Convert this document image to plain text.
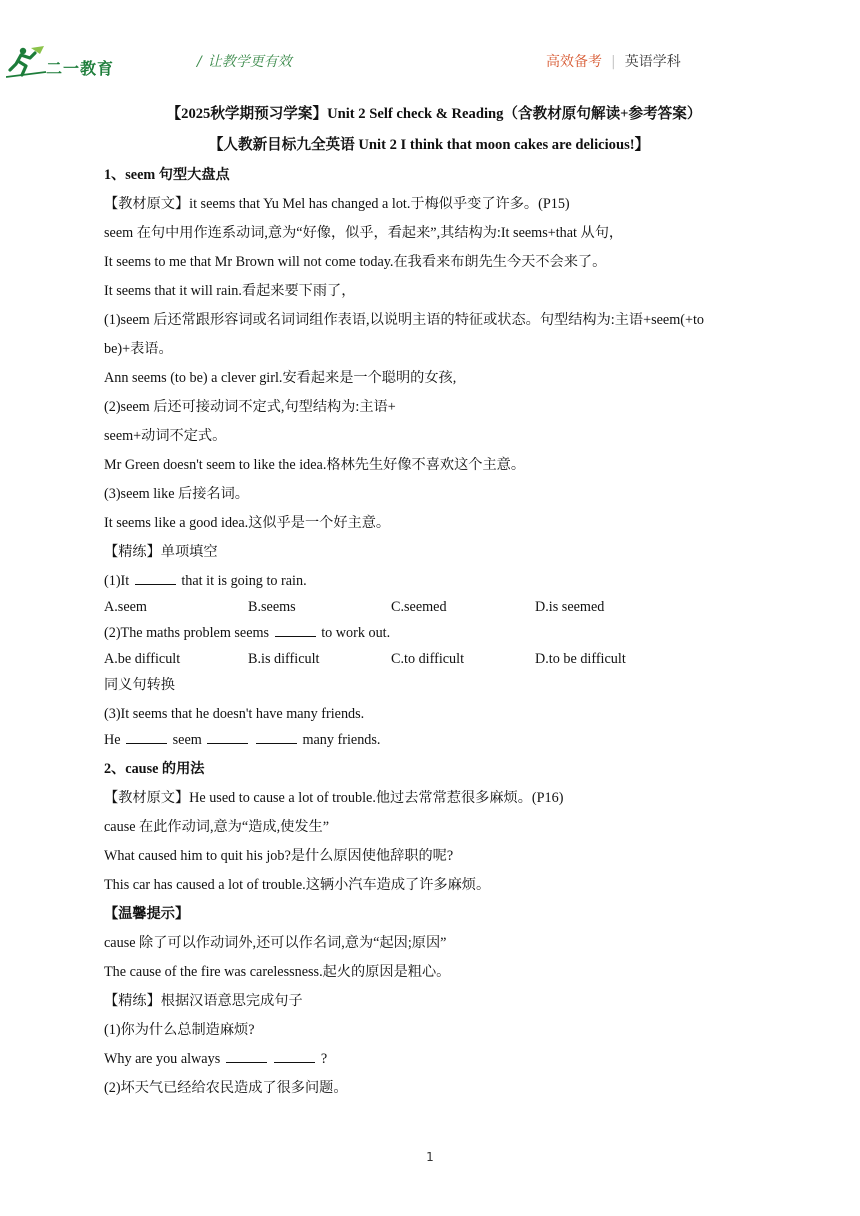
二一教育	/ 让教学更有效	高效备考 | 英语学科
【2025秋学期预习学案】Unit 2 Self check & Reading（含教材原句解读+参考答案）
【人教新目标九全英语 Unit 2 I think that moon cakes are delicious!】
1、seem 句型大盘点
【教材原文】it seems that Yu Mel has changed a lot.于梅似乎变了许多。(P15)
seem 在句中用作连系动词,意为“好像，似乎，看起来”,其结构为:It seems+that 从句，
It seems to me that Mr Brown will not come today.在我看来布朗先生今天不会来了。
It seems that it will rain.看起来要下雨了，
(1)seem 后还常跟形容词或名词词组作表语,以说明主语的特征或状态。句型结构为:主语+seem(+to
be)+表语。
Ann seems (to be) a clever girl.安看起来是一个聪明的女孩,
(2)seem 后还可接动词不定式,句型结构为:主语+
seem+动词不定式。
Mr Green doesn't seem to like the idea.格林先生好像不喜欢这个主意。
(3)seem like 后接名词。
It seems like a good idea.这似乎是一个好主意。
【精练】单项填空
(1)It	that it is going to rain.
A.seem	B.seems	C.seemed	D.is seemed
(2)The maths problem seems	to work out.
A.be difficult	B.is difficult	C.to difficult	D.to be difficult
同义句转换
(3)It seems that he doesn't have many friends.
He	seem	many friends.
2、cause 的用法
【教材原文】He used to cause a lot of trouble.他过去常常惹很多麻烦。(P16)
cause 在此作动词,意为“造成,使发生”
What caused him to quit his job?是什么原因使他辞职的呢?
This car has caused a lot of trouble.这辆小汽车造成了许多麻烦。
【温馨提示】
cause 除了可以作动词外,还可以作名词,意为“起因;原因”
The cause of the fire was carelessness.起火的原因是粗心。
【精练】根据汉语意思完成句子
(1)你为什么总制造麻烦?
Why are you always	?
(2)坏天气已经给农民造成了很多问题。
1
